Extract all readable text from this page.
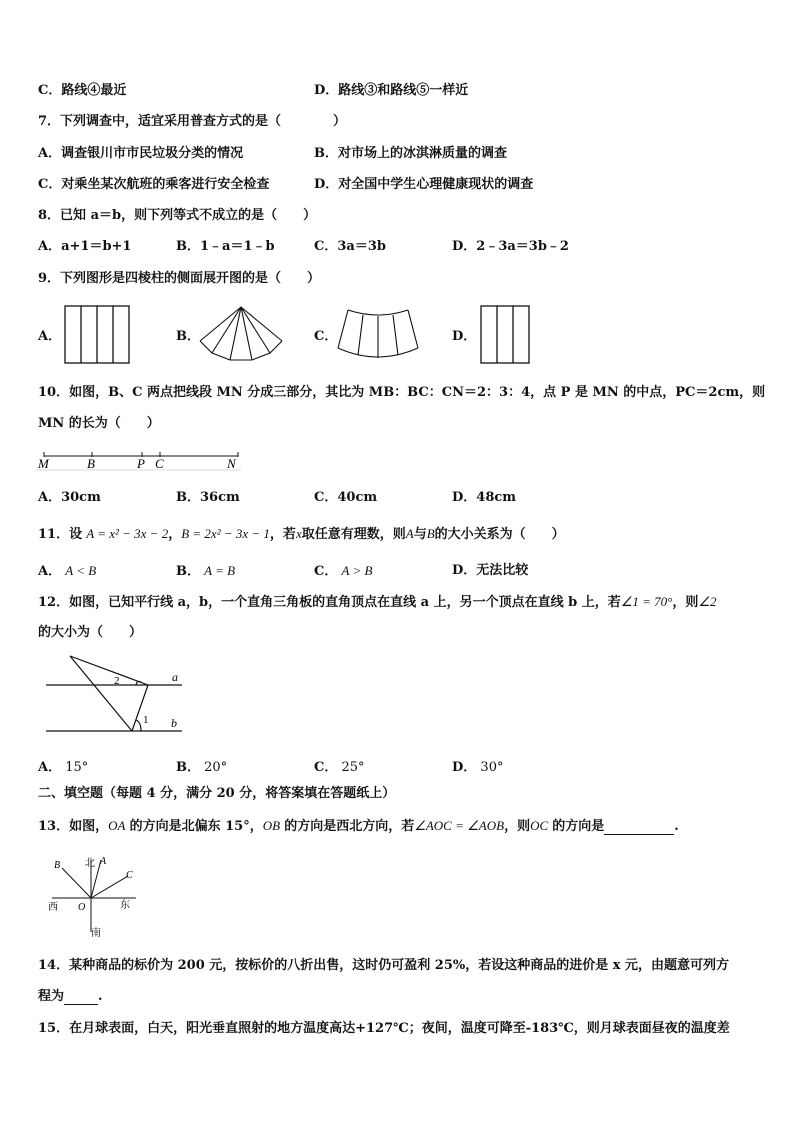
C．路线④最近	D．路线③和路线⑤一样近
7．下列调查中，适宜采用普查方式的是（　　　　）
A．调查银川市市民垃圾分类的情况	B．对市场上的冰淇淋质量的调查
C．对乘坐某次航班的乘客进行安全检查	D．对全国中学生心理健康现状的调查
8．已知 a＝b，则下列等式不成立的是（　　）
A．a+1＝b+1	B．1﹣a＝1﹣b	C．3a＝3b	D．2﹣3a＝3b﹣2
9．下列图形是四棱柱的侧面展开图的是（　　）
A．	B．	C．	D．
10．如图，B、C 两点把线段 MN 分成三部分，其比为 MB：BC：CN＝2：3：4，点 P 是 MN 的中点，PC＝2cm，则
MN 的长为（　　）
M	B	P C	N
A．30cm	B．36cm	C．40cm	D．48cm
11．设 A = x² − 3x − 2，B = 2x² − 3x − 1，若x取任意有理数，则A与B的大小关系为（　　）
A． A < B	B． A = B	C． A > B	D．无法比较
12．如图，已知平行线 a，b，一个直角三角板的直角顶点在直线 a 上，另一个顶点在直线 b 上，若∠1 = 70°，则∠2
的大小为（　　）
2
1
a
b
A． 15°	B． 20°	C． 25°	D． 30°
二、填空题（每题 4 分，满分 20 分，将答案填在答题纸上）
13．如图，OA 的方向是北偏东 15°，OB 的方向是西北方向，若∠AOC = ∠AOB，则OC 的方向是	.
北
南
西	东
O
A
B
C
14．某种商品的标价为 200 元，按标价的八折出售，这时仍可盈利 25%，若设这种商品的进价是 x 元，由题意可列方
程为	.
15．在月球表面，白天，阳光垂直照射的地方温度高达+127℃；夜间，温度可降至-183℃，则月球表面昼夜的温度差
